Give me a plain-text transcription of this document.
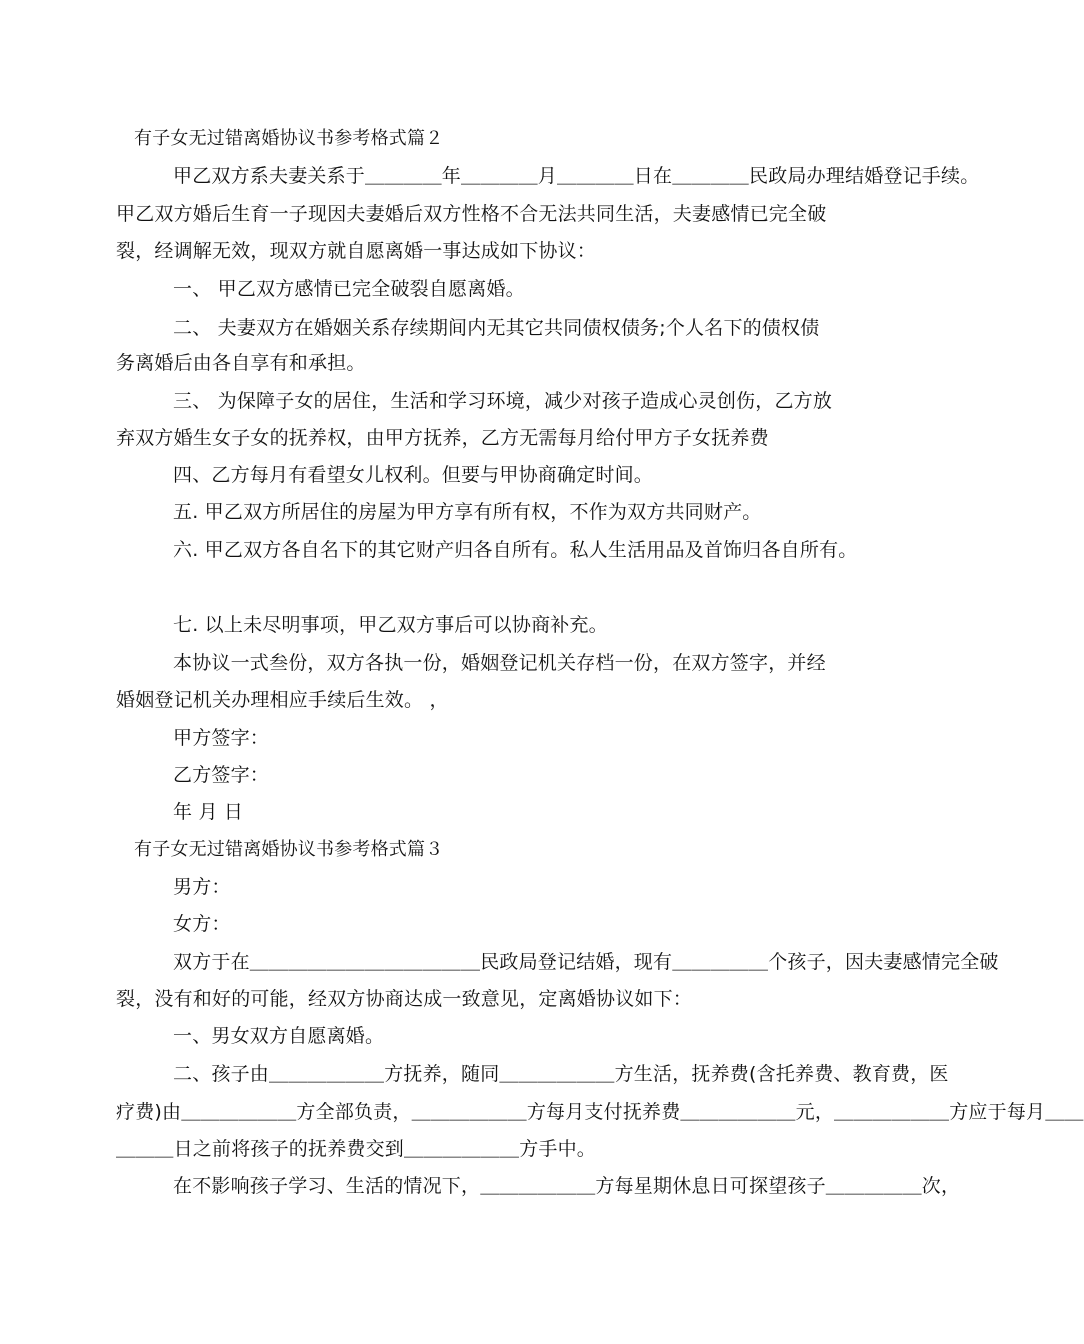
有子女无过错离婚协议书参考格式篇２
甲乙双方系夫妻关系于＿＿＿＿年＿＿＿＿月＿＿＿＿日在＿＿＿＿民政局办理结婚登记手续。
甲乙双方婚后生育一子现因夫妻婚后双方性格不合无法共同生活，夫妻感情已完全破
裂，经调解无效，现双方就自愿离婚一事达成如下协议：
一、 甲乙双方感情已完全破裂自愿离婚。
二、 夫妻双方在婚姻关系存续期间内无其它共同债权债务;个人名下的债权债
务离婚后由各自享有和承担。
三、 为保障子女的居住，生活和学习环境，减少对孩子造成心灵创伤，乙方放
弃双方婚生女子女的抚养权，由甲方抚养，乙方无需每月给付甲方子女抚养费
四、乙方每月有看望女儿权利。但要与甲协商确定时间。
五. 甲乙双方所居住的房屋为甲方享有所有权，不作为双方共同财产。
六. 甲乙双方各自名下的其它财产归各自所有。私人生活用品及首饰归各自所有。
七. 以上未尽明事项，甲乙双方事后可以协商补充。
本协议一式叁份，双方各执一份，婚姻登记机关存档一份，在双方签字，并经
婚姻登记机关办理相应手续后生效。 ，
甲方签字：
乙方签字：
年 月 日
有子女无过错离婚协议书参考格式篇３
男方：
女方：
双方于在＿＿＿＿＿＿＿＿＿＿＿＿民政局登记结婚，现有＿＿＿＿＿个孩子，因夫妻感情完全破
裂，没有和好的可能，经双方协商达成一致意见，定离婚协议如下：
一、男女双方自愿离婚。
二、孩子由＿＿＿＿＿＿方抚养，随同＿＿＿＿＿＿方生活，抚养费(含托养费、教育费，医
疗费)由＿＿＿＿＿＿方全部负责，＿＿＿＿＿＿方每月支付抚养费＿＿＿＿＿＿元，＿＿＿＿＿＿方应于每月＿＿
＿＿＿日之前将孩子的抚养费交到＿＿＿＿＿＿方手中。
在不影响孩子学习、生活的情况下，＿＿＿＿＿＿方每星期休息日可探望孩子＿＿＿＿＿次，
